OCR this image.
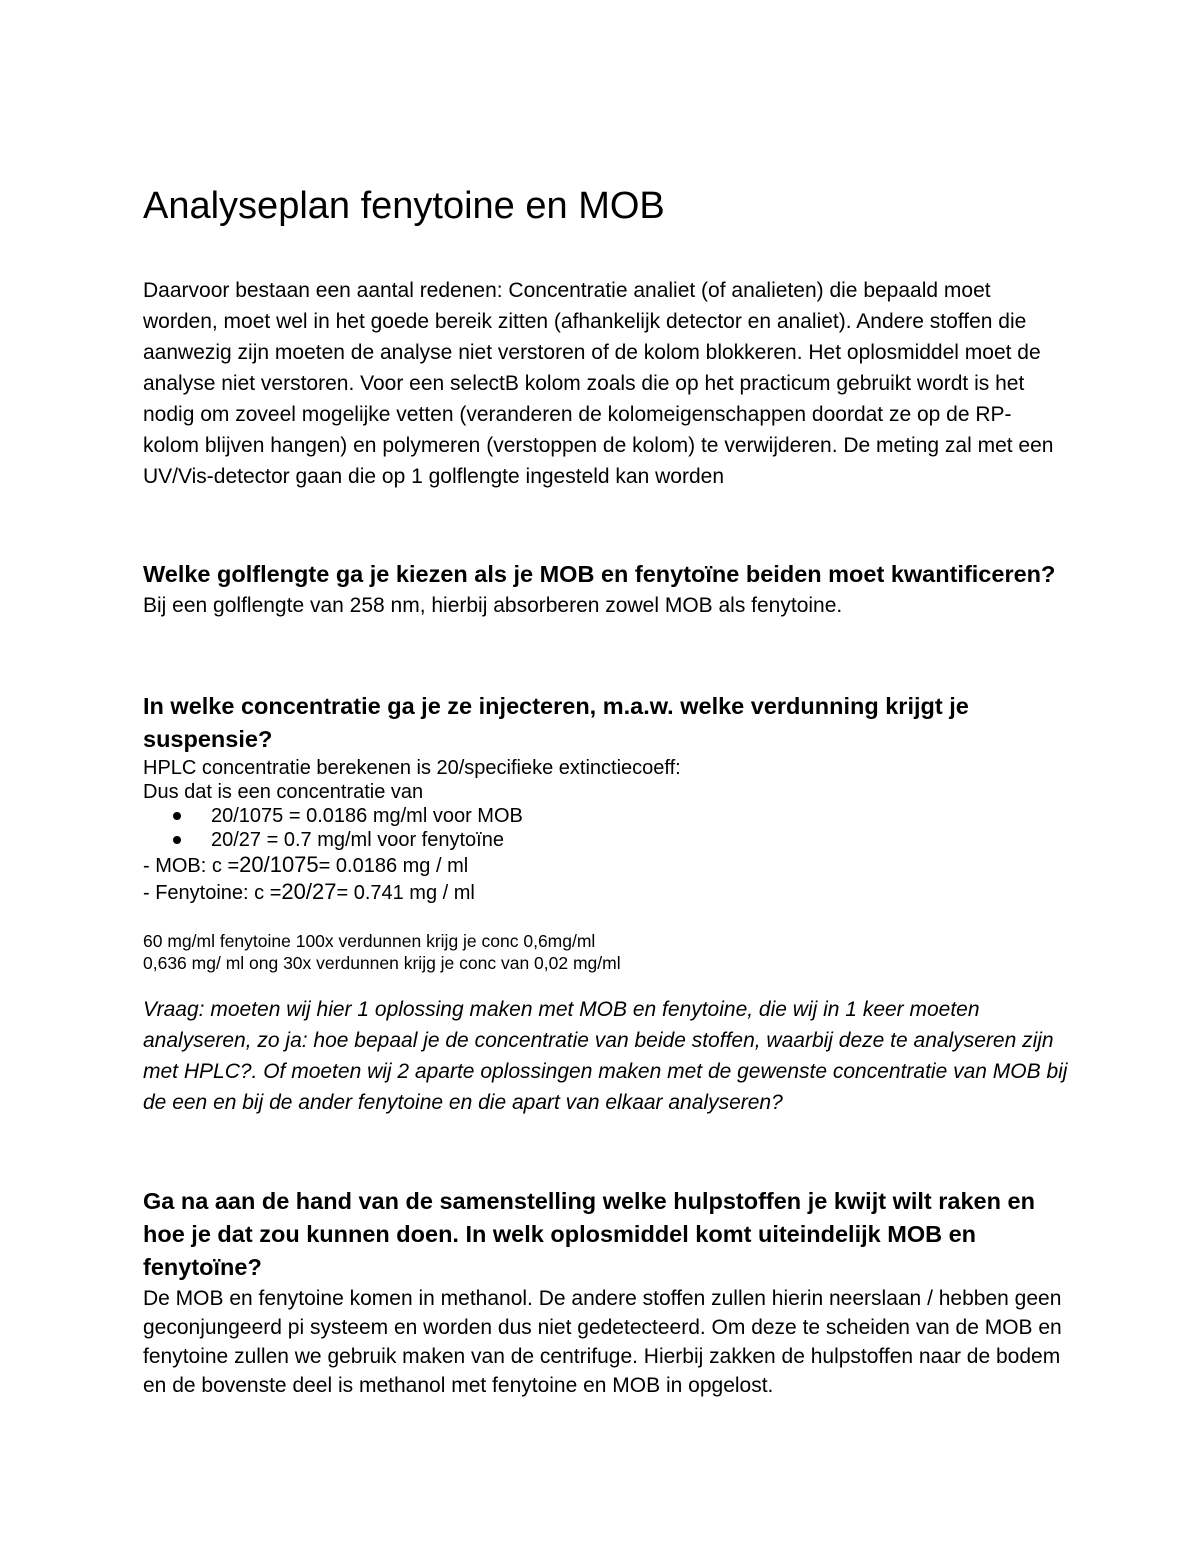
Analyseplan fenytoine en MOB

Daarvoor bestaan een aantal redenen: Concentratie analiet (of analieten) die bepaald moet worden, moet wel in het goede bereik zitten (afhankelijk detector en analiet). Andere stoffen die aanwezig zijn moeten de analyse niet verstoren of de kolom blokkeren. Het oplosmiddel moet de analyse niet verstoren. Voor een selectB kolom zoals die op het practicum gebruikt wordt is het nodig om zoveel mogelijke vetten (veranderen de kolomeigenschappen doordat ze op de RP-kolom blijven hangen) en polymeren (verstoppen de kolom) te verwijderen. De meting zal met een UV/Vis-detector gaan die op 1 golflengte ingesteld kan worden

Welke golflengte ga je kiezen als je MOB en fenytoïne beiden moet kwantificeren?

Bij een golflengte van 258 nm, hierbij absorberen zowel MOB als fenytoine.

In welke concentratie ga je ze injecteren, m.a.w. welke verdunning krijgt je suspensie?

HPLC concentratie berekenen is 20/specifieke extinctiecoeff:

Dus dat is een concentratie van

20/1075 = 0.0186 mg/ml voor MOB
20/27 = 0.7 mg/ml voor fenytoïne

- MOB: c =20/1075= 0.0186 mg / ml

- Fenytoine: c =20/27= 0.741 mg / ml

60 mg/ml fenytoine 100x verdunnen krijg je conc 0,6mg/ml

0,636 mg/ ml ong 30x verdunnen krijg je conc van 0,02 mg/ml

Vraag: moeten wij hier 1 oplossing maken met MOB en fenytoine, die wij in 1 keer moeten analyseren, zo ja: hoe bepaal je de concentratie van beide stoffen, waarbij deze te analyseren zijn met HPLC?. Of moeten wij 2 aparte oplossingen maken met de gewenste concentratie van MOB bij de een en bij de ander fenytoine en die apart van elkaar analyseren?

Ga na aan de hand van de samenstelling welke hulpstoffen je kwijt wilt raken en hoe je dat zou kunnen doen. In welk oplosmiddel komt uiteindelijk MOB en fenytoïne?

De MOB en fenytoine komen in methanol. De andere stoffen zullen hierin neerslaan / hebben geen geconjungeerd pi systeem en worden dus niet gedetecteerd. Om deze te scheiden van de MOB en fenytoine zullen we gebruik maken van de centrifuge. Hierbij zakken de hulpstoffen naar de bodem en de bovenste deel is methanol met fenytoine en MOB in opgelost.
